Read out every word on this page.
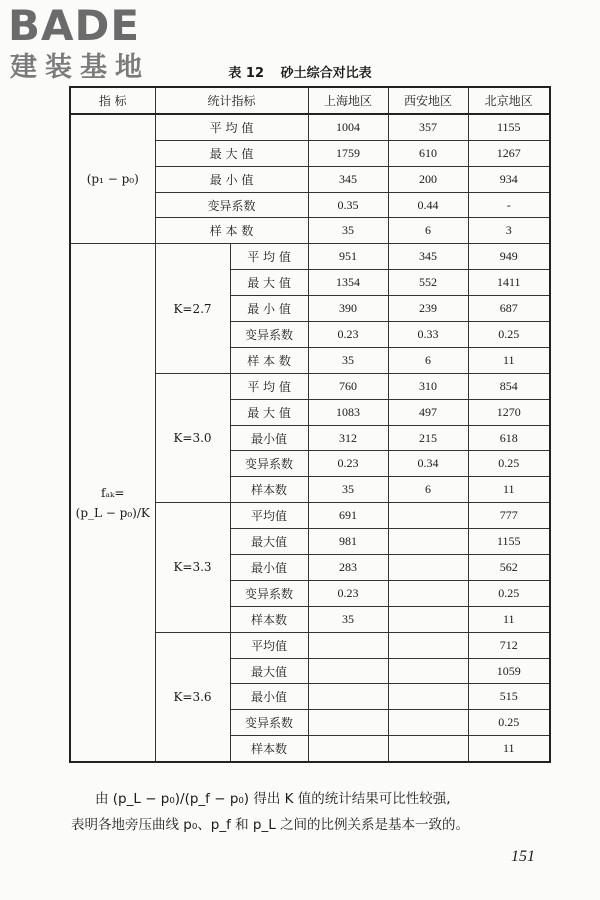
BADE
建装基地	表 12 砂土综合对比表
指 标	统计指标		上海地区	西安地区	北京地区
(p₁ − p₀)	平 均 值		1004	357	1155
	最 大 值		1759	610	1267
	最 小 值		345	200	934
	变异系数		0.35	0.44	-
	样 本 数		35	6	3

fₐₖ=
(p_L − p₀)/K	K=2.7	平 均 值	951	345	949
		最 大 值	1354	552	1411
		最 小 值	390	239	687
		变异系数	0.23	0.33	0.25
		样 本 数	35	6	11
	K=3.0	平 均 值	760	310	854
		最 大 值	1083	497	1270
		最小值	312	215	618
		变异系数	0.23	0.34	0.25
		样本数	35	6	11
	K=3.3	平均值	691		777
		最大值	981		1155
		最小值	283		562
		变异系数	0.23		0.25
		样本数	35		11
	K=3.6	平均值			712
		最大值			1059
		最小值			515
		变异系数			0.25
		样本数			11

由 (p_L − p₀)/(p_f − p₀) 得出 K 值的统计结果可比性较强,

表明各地旁压曲线 p₀、p_f 和 p_L 之间的比例关系是基本一致的。

151
